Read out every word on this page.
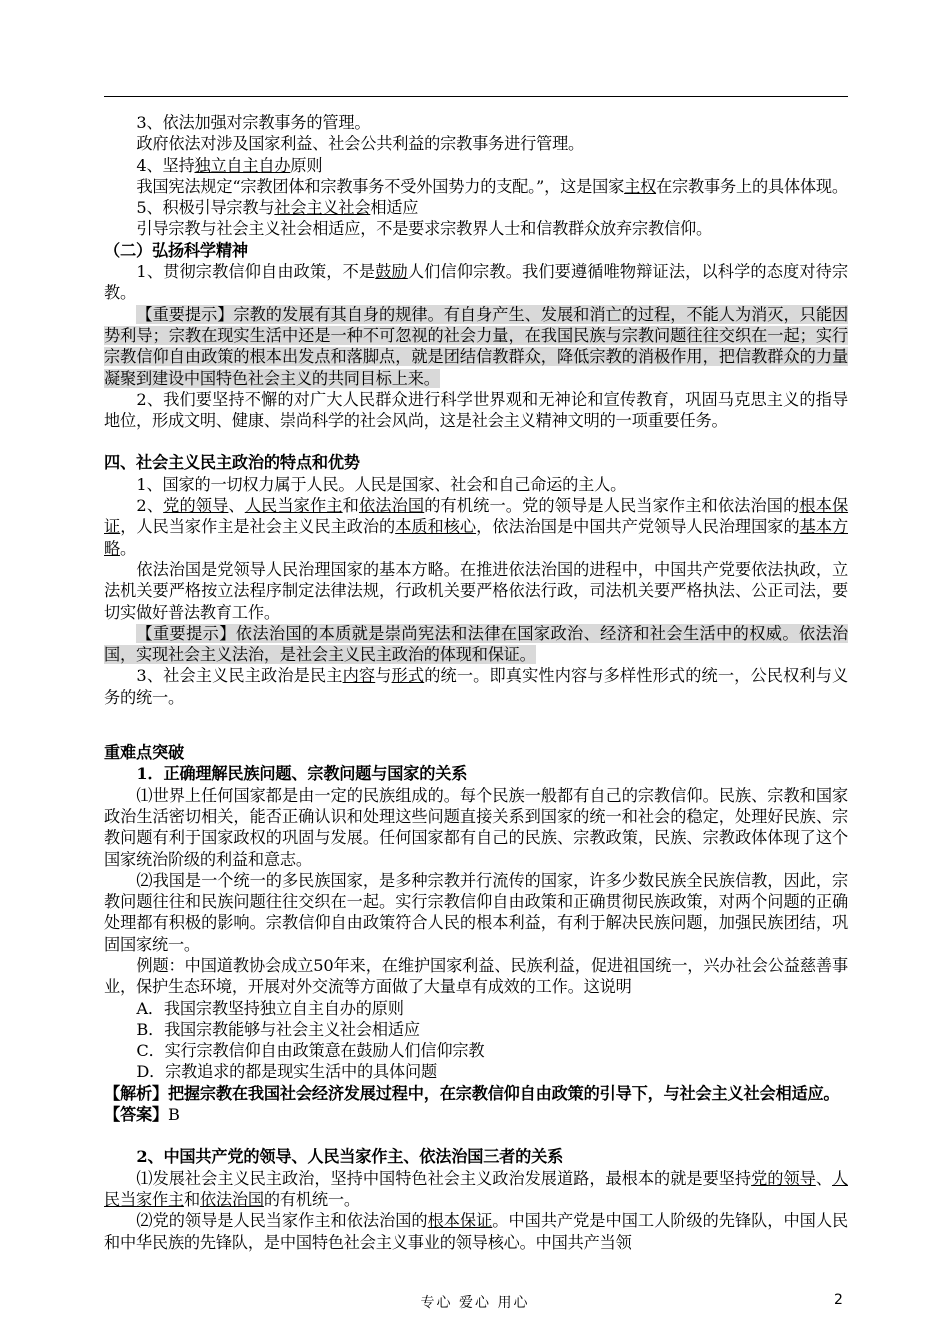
3、依法加强对宗教事务的管理。

政府依法对涉及国家利益、社会公共利益的宗教事务进行管理。

4、坚持独立自主自办原则

我国宪法规定“宗教团体和宗教事务不受外国势力的支配。”，这是国家主权在宗教事务上的具体体现。

5、积极引导宗教与社会主义社会相适应

引导宗教与社会主义社会相适应，不是要求宗教界人士和信教群众放弃宗教信仰。

（二）弘扬科学精神

1、贯彻宗教信仰自由政策，不是鼓励人们信仰宗教。我们要遵循唯物辩证法，以科学的态度对待宗教。

【重要提示】宗教的发展有其自身的规律。有自身产生、发展和消亡的过程，不能人为消灭，只能因势利导；宗教在现实生活中还是一种不可忽视的社会力量，在我国民族与宗教问题往往交织在一起；实行宗教信仰自由政策的根本出发点和落脚点，就是团结信教群众，降低宗教的消极作用，把信教群众的力量凝聚到建设中国特色社会主义的共同目标上来。

2、我们要坚持不懈的对广大人民群众进行科学世界观和无神论和宣传教育，巩固马克思主义的指导地位，形成文明、健康、崇尚科学的社会风尚，这是社会主义精神文明的一项重要任务。

四、社会主义民主政治的特点和优势

1、国家的一切权力属于人民。人民是国家、社会和自己命运的主人。

2、党的领导、人民当家作主和依法治国的有机统一。党的领导是人民当家作主和依法治国的根本保证，人民当家作主是社会主义民主政治的本质和核心，依法治国是中国共产党领导人民治理国家的基本方略。

依法治国是党领导人民治理国家的基本方略。在推进依法治国的进程中，中国共产党要依法执政，立法机关要严格按立法程序制定法律法规，行政机关要严格依法行政，司法机关要严格执法、公正司法，要切实做好普法教育工作。

【重要提示】依法治国的本质就是崇尚宪法和法律在国家政治、经济和社会生活中的权威。依法治国，实现社会主义法治，是社会主义民主政治的体现和保证。

3、社会主义民主政治是民主内容与形式的统一。即真实性内容与多样性形式的统一，公民权利与义务的统一。

重难点突破

1．正确理解民族问题、宗教问题与国家的关系

⑴世界上任何国家都是由一定的民族组成的。每个民族一般都有自己的宗教信仰。民族、宗教和国家政治生活密切相关，能否正确认识和处理这些问题直接关系到国家的统一和社会的稳定，处理好民族、宗教问题有利于国家政权的巩固与发展。任何国家都有自己的民族、宗教政策，民族、宗教政体体现了这个国家统治阶级的利益和意志。

⑵我国是一个统一的多民族国家，是多种宗教并行流传的国家，许多少数民族全民族信教，因此，宗教问题往往和民族问题往往交织在一起。实行宗教信仰自由政策和正确贯彻民族政策，对两个问题的正确处理都有积极的影响。宗教信仰自由政策符合人民的根本利益，有利于解决民族问题，加强民族团结，巩固国家统一。

例题：中国道教协会成立50年来，在维护国家利益、民族利益，促进祖国统一，兴办社会公益慈善事业，保护生态环境，开展对外交流等方面做了大量卓有成效的工作。这说明

A．我国宗教坚持独立自主自办的原则

B．我国宗教能够与社会主义社会相适应

C．实行宗教信仰自由政策意在鼓励人们信仰宗教

D．宗教追求的都是现实生活中的具体问题

【解析】把握宗教在我国社会经济发展过程中，在宗教信仰自由政策的引导下，与社会主义社会相适应。

【答案】B

2、中国共产党的领导、人民当家作主、依法治国三者的关系

⑴发展社会主义民主政治，坚持中国特色社会主义政治发展道路，最根本的就是要坚持党的领导、人民当家作主和依法治国的有机统一。

⑵党的领导是人民当家作主和依法治国的根本保证。中国共产党是中国工人阶级的先锋队，中国人民和中华民族的先锋队，是中国特色社会主义事业的领导核心。中国共产当领

专心 爱心 用心	2
